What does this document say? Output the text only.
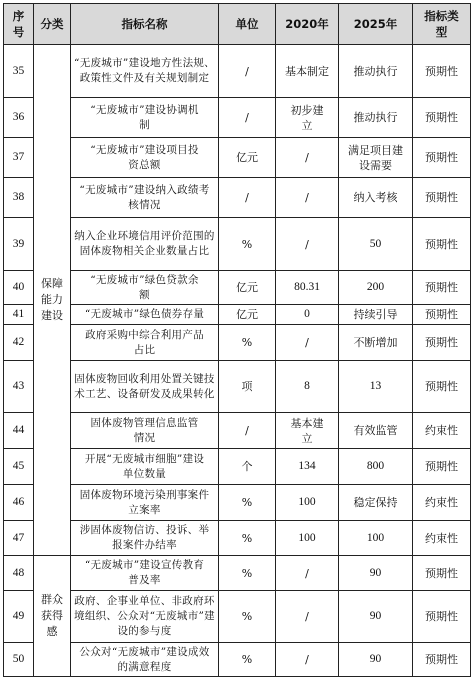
序号	分类	指标名称	单位	2020年	2025年	指标类型
35	保障能力建设	“无废城市”建设地方性法规、政策性文件及有关规划制定	/	基本制定	推动执行	预期性
36		“无废城市”建设协调机制	/	初步建立	推动执行	预期性
37		“无废城市”建设项目投资总额	亿元	/	满足项目建设需要	预期性
38		“无废城市”建设纳入政绩考核情况	/	/	纳入考核	预期性
39		纳入企业环境信用评价范围的固体废物相关企业数量占比	%	/	50	预期性
40		“无废城市”绿色贷款余额	亿元	80.31	200	预期性
41		“无废城市”绿色债券存量	亿元	0	持续引导	预期性
42		政府采购中综合利用产品占比	%	/	不断增加	预期性
43		固体废物回收利用处置关键技术工艺、设备研发及成果转化	项	8	13	预期性
44		固体废物管理信息监管情况	/	基本建立	有效监管	约束性
45		开展“无废城市细胞”建设单位数量	个	134	800	预期性
46		固体废物环境污染刑事案件立案率	%	100	稳定保持	约束性
47		涉固体废物信访、投诉、举报案件办结率	%	100	100	约束性
48	群众获得感	“无废城市”建设宣传教育普及率	%	/	90	预期性
49		政府、企事业单位、非政府环境组织、公众对“无废城市”建设的参与度	%	/	90	预期性
50		公众对“无废城市”建设成效的满意程度	%	/	90	预期性
